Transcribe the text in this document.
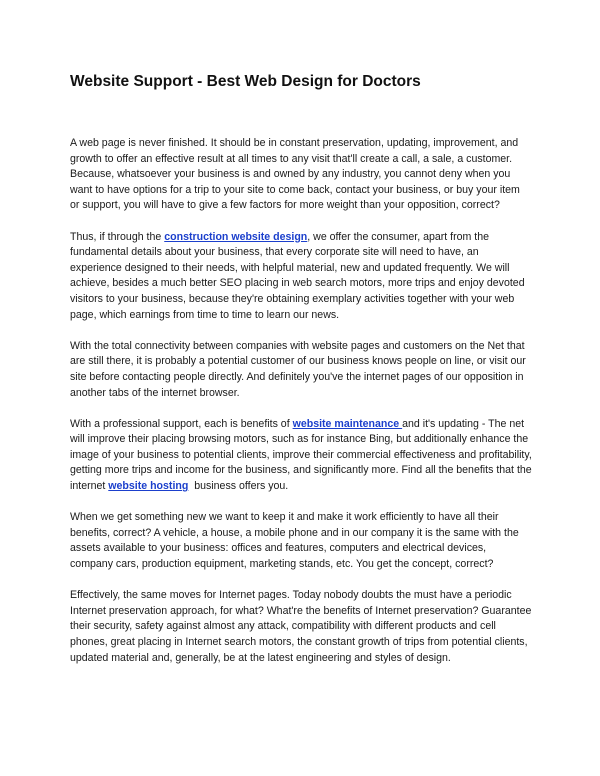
Website Support - Best Web Design for Doctors

A web page is never finished. It should be in constant preservation, updating, improvement, and growth to offer an effective result at all times to any visit that'll create a call, a sale, a customer. Because, whatsoever your business is and owned by any industry, you cannot deny when you want to have options for a trip to your site to come back, contact your business, or buy your item or support, you will have to give a few factors for more weight than your opposition, correct?

Thus, if through the construction website design, we offer the consumer, apart from the fundamental details about your business, that every corporate site will need to have, an experience designed to their needs, with helpful material, new and updated frequently. We will achieve, besides a much better SEO placing in web search motors, more trips and enjoy devoted visitors to your business, because they're obtaining exemplary activities together with your web page, which earnings from time to time to learn our news.

With the total connectivity between companies with website pages and customers on the Net that are still there, it is probably a potential customer of our business knows people on line, or visit our site before contacting people directly. And definitely you've the internet pages of our opposition in another tabs of the internet browser.

With a professional support, each is benefits of website maintenance and it's updating - The net will improve their placing browsing motors, such as for instance Bing, but additionally enhance the image of your business to potential clients, improve their commercial effectiveness and profitability, getting more trips and income for the business, and significantly more. Find all the benefits that the internet website hosting  business offers you.

When we get something new we want to keep it and make it work efficiently to have all their benefits, correct? A vehicle, a house, a mobile phone and in our company it is the same with the assets available to your business: offices and features, computers and electrical devices, company cars, production equipment, marketing stands, etc. You get the concept, correct?

Effectively, the same moves for Internet pages. Today nobody doubts the must have a periodic Internet preservation approach, for what? What're the benefits of Internet preservation? Guarantee their security, safety against almost any attack, compatibility with different products and cell phones, great placing in Internet search motors, the constant growth of trips from potential clients, updated material and, generally, be at the latest engineering and styles of design.
